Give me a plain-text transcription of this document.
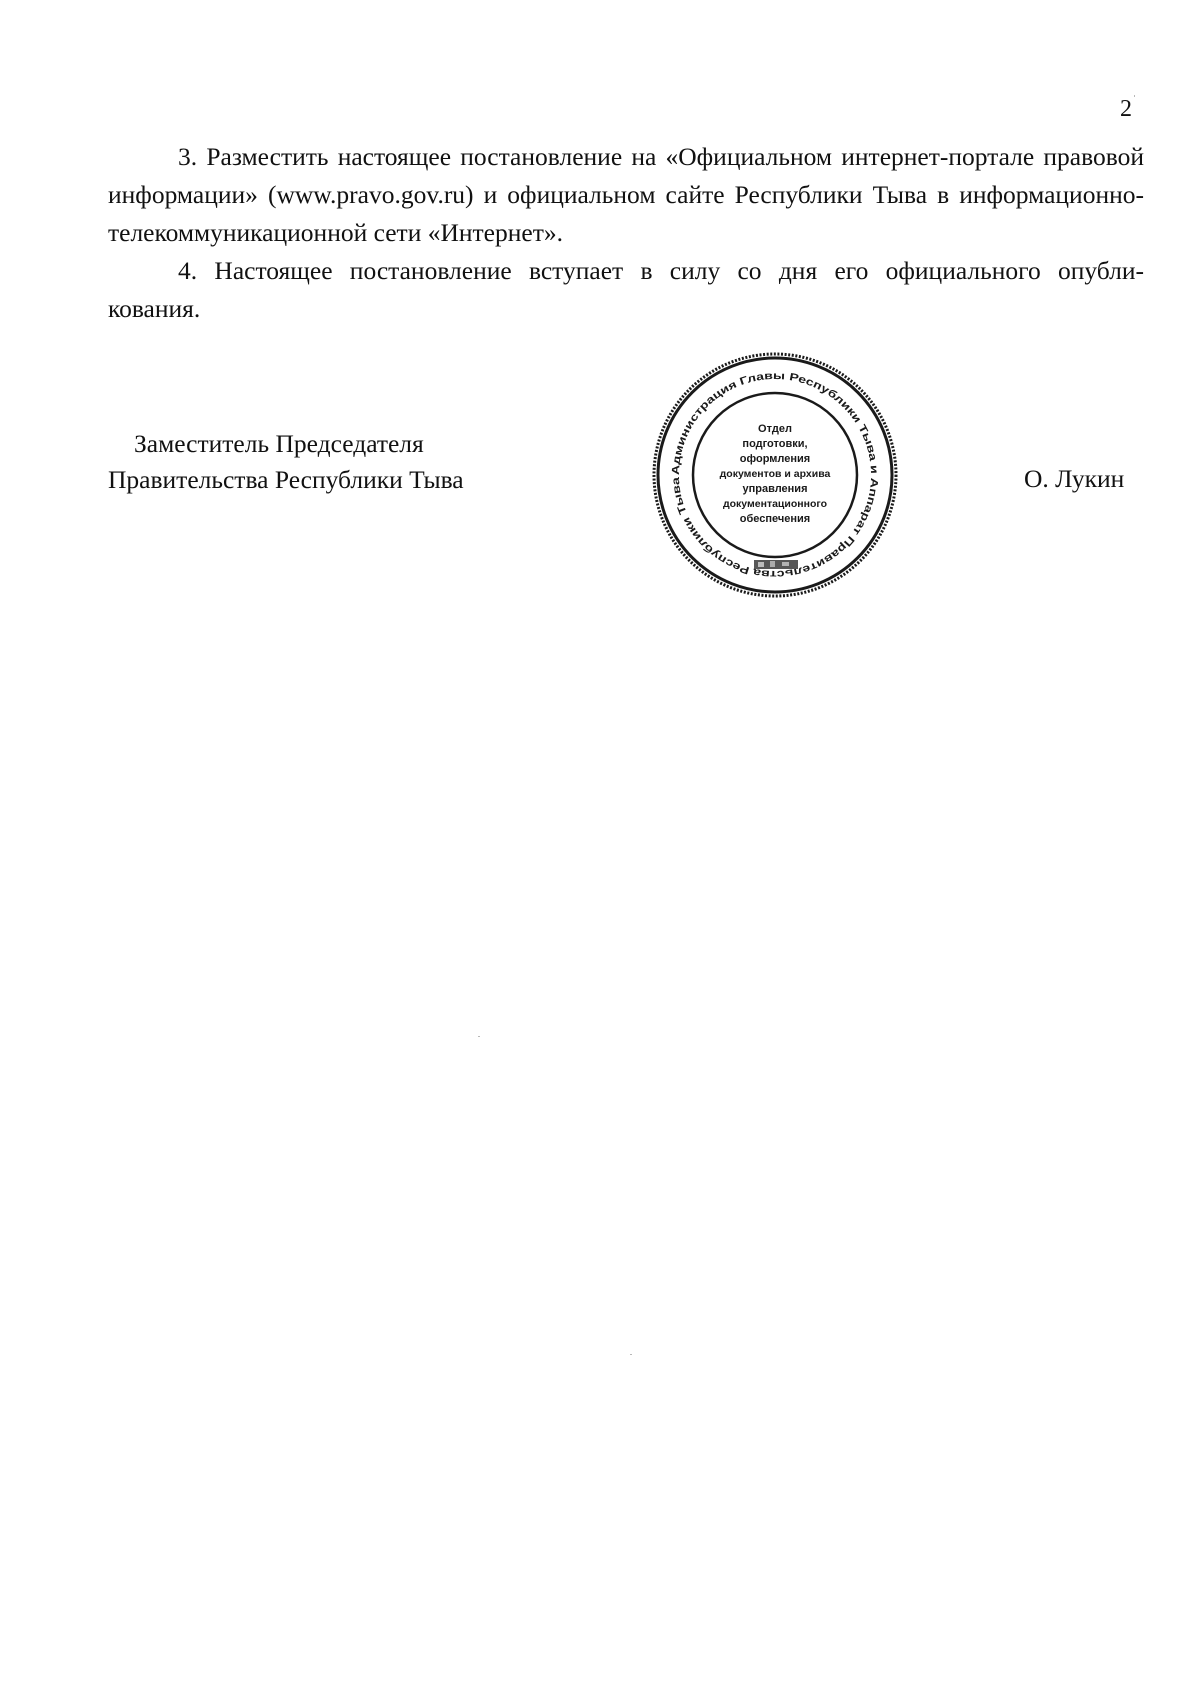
2

3. Разместить настоящее постановление на «Официальном интернет-портале правовой информации» (www.pravo.gov.ru) и официальном сайте Республики Тыва в информационно-телекоммуникационной сети «Интернет».

4. Настоящее постановление вступает в силу со дня его официального опубли-

кования.

Заместитель Председателя
Правительства Республики Тыва	Администрация Главы Республики Тыва и Аппарат Правительства Республики Тыва
Отдел
подготовки,
оформления
документов и архива
управления
документационного
обеспечения
О. Лукин
